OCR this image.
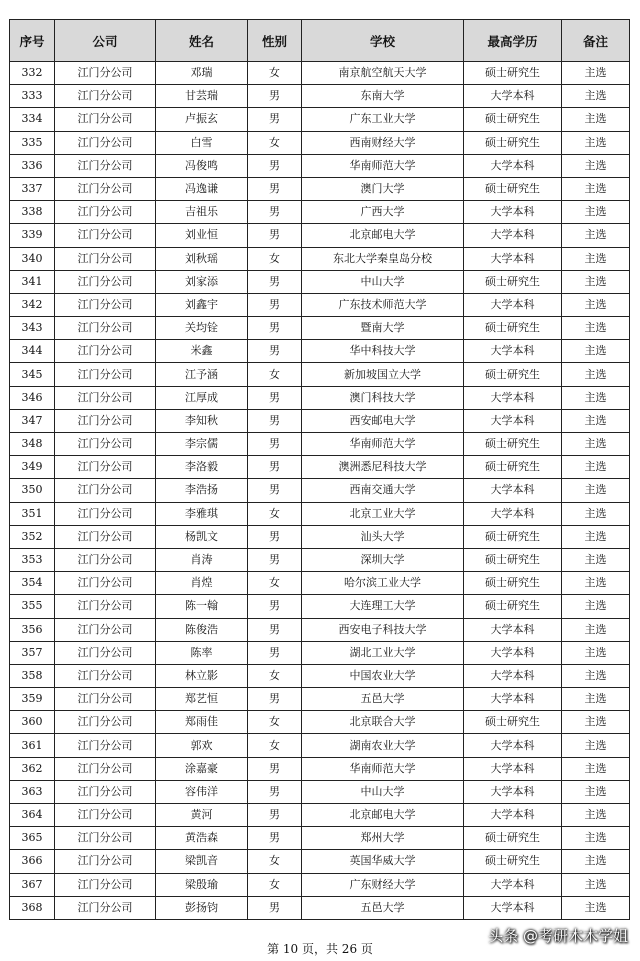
序号	公司	姓名	性别	学校	最高学历	备注
332	江门分公司	邓瑞	女	南京航空航天大学	硕士研究生	主选
333	江门分公司	甘芸瑞	男	东南大学	大学本科	主选
334	江门分公司	卢振玄	男	广东工业大学	硕士研究生	主选
335	江门分公司	白雪	女	西南财经大学	硕士研究生	主选
336	江门分公司	冯俊鸣	男	华南师范大学	大学本科	主选
337	江门分公司	冯逸谦	男	澳门大学	硕士研究生	主选
338	江门分公司	吉祖乐	男	广西大学	大学本科	主选
339	江门分公司	刘业恒	男	北京邮电大学	大学本科	主选
340	江门分公司	刘秋瑶	女	东北大学秦皇岛分校	大学本科	主选
341	江门分公司	刘家添	男	中山大学	硕士研究生	主选
342	江门分公司	刘鑫宇	男	广东技术师范大学	大学本科	主选
343	江门分公司	关均铨	男	暨南大学	硕士研究生	主选
344	江门分公司	米鑫	男	华中科技大学	大学本科	主选
345	江门分公司	江予涵	女	新加坡国立大学	硕士研究生	主选
346	江门分公司	江厚成	男	澳门科技大学	大学本科	主选
347	江门分公司	李知秋	男	西安邮电大学	大学本科	主选
348	江门分公司	李宗儒	男	华南师范大学	硕士研究生	主选
349	江门分公司	李洛毅	男	澳洲悉尼科技大学	硕士研究生	主选
350	江门分公司	李浩扬	男	西南交通大学	大学本科	主选
351	江门分公司	李雅琪	女	北京工业大学	大学本科	主选
352	江门分公司	杨凯文	男	汕头大学	硕士研究生	主选
353	江门分公司	肖涛	男	深圳大学	硕士研究生	主选
354	江门分公司	肖煌	女	哈尔滨工业大学	硕士研究生	主选
355	江门分公司	陈一翰	男	大连理工大学	硕士研究生	主选
356	江门分公司	陈俊浩	男	西安电子科技大学	大学本科	主选
357	江门分公司	陈率	男	湖北工业大学	大学本科	主选
358	江门分公司	林立影	女	中国农业大学	大学本科	主选
359	江门分公司	郑艺恒	男	五邑大学	大学本科	主选
360	江门分公司	郑雨佳	女	北京联合大学	硕士研究生	主选
361	江门分公司	郭欢	女	湖南农业大学	大学本科	主选
362	江门分公司	涂嘉豪	男	华南师范大学	大学本科	主选
363	江门分公司	容伟洋	男	中山大学	大学本科	主选
364	江门分公司	黄河	男	北京邮电大学	大学本科	主选
365	江门分公司	黄浩森	男	郑州大学	硕士研究生	主选
366	江门分公司	梁凯音	女	英国华威大学	硕士研究生	主选
367	江门分公司	梁殷瑜	女	广东财经大学	大学本科	主选
368	江门分公司	彭扬钧	男	五邑大学	大学本科	主选
第 10 页，共 26 页
头条 @考研木木学姐
